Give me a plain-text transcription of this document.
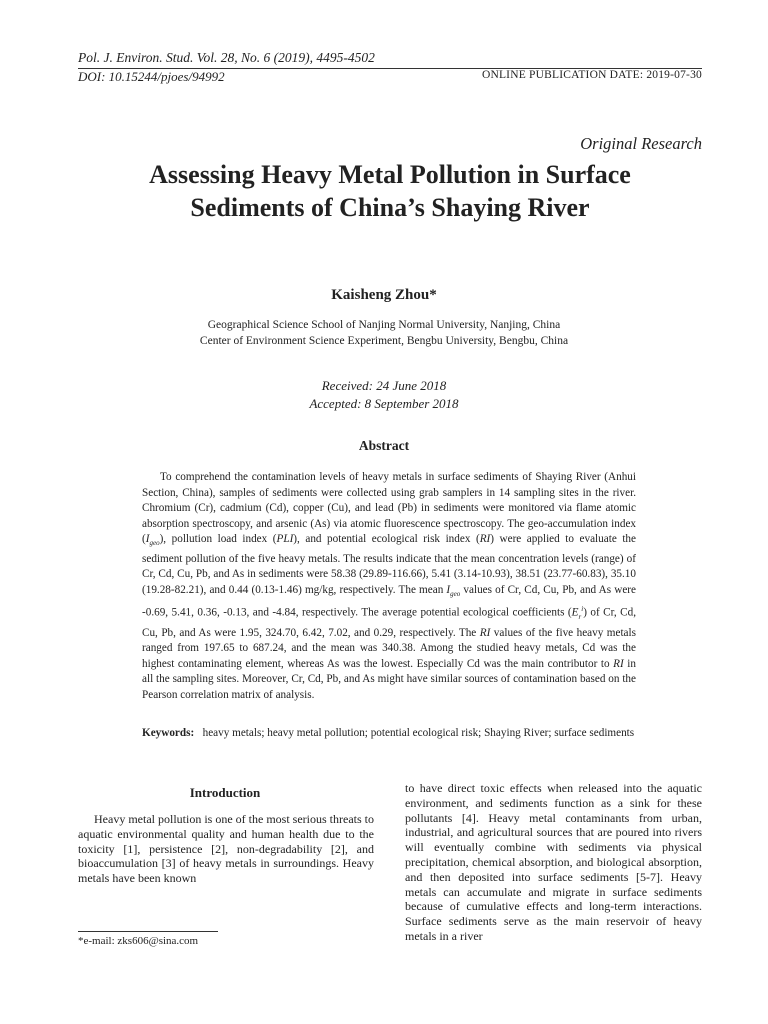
Pol. J. Environ. Stud. Vol. 28, No. 6 (2019), 4495-4502
DOI: 10.15244/pjoes/94992	ONLINE PUBLICATION DATE: 2019-07-30
Original Research
Assessing Heavy Metal Pollution in Surface
Sediments of China’s Shaying River
Kaisheng Zhou*
Geographical Science School of Nanjing Normal University, Nanjing, China
Center of Environment Science Experiment, Bengbu University, Bengbu, China
Received: 24 June 2018
Accepted: 8 September 2018
Abstract

To comprehend the contamination levels of heavy metals in surface sediments of Shaying River (Anhui Section, China), samples of sediments were collected using grab samplers in 14 sampling sites in the river. Chromium (Cr), cadmium (Cd), copper (Cu), and lead (Pb) in sediments were monitored via flame atomic absorption spectroscopy, and arsenic (As) via atomic fluorescence spectroscopy. The geo-accumulation index $(I_{geo})$, pollution load index (PLI), and potential ecological risk index (RI) were applied to evaluate the sediment pollution of the five heavy metals. The results indicate that the mean concentration levels (range) of Cr, Cd, Cu, Pb, and As in sediments were 58.38 (29.89-116.66), 5.41 (3.14-10.93), 38.51 (23.77-60.83), 35.10 (19.28-82.21), and 0.44 (0.13-1.46) mg/kg, respectively. The mean $I_{geo}$ values of Cr, Cd, Cu, Pb, and As were -0.69, 5.41, 0.36, -0.13, and -4.84, respectively. The average potential ecological coefficients $(E_r^i)$ of Cr, Cd, Cu, Pb, and As were 1.95, 324.70, 6.42, 7.02, and 0.29, respectively. The RI values of the five heavy metals ranged from 197.65 to 687.24, and the mean was 340.38. Among the studied heavy metals, Cd was the highest contaminating element, whereas As was the lowest. Especially Cd was the main contributor to RI in all the sampling sites. Moreover, Cr, Cd, Pb, and As might have similar sources of contamination based on the Pearson correlation matrix of analysis.

Keywords: heavy metals; heavy metal pollution; potential ecological risk; Shaying River; surface sediments
Introduction

Heavy metal pollution is one of the most serious threats to aquatic environmental quality and human health due to the toxicity [1], persistence [2], non-degradability [2], and bioaccumulation [3] of heavy metals in surroundings. Heavy metals have been known

to have direct toxic effects when released into the aquatic environment, and sediments function as a sink for these pollutants [4]. Heavy metal contaminants from urban, industrial, and agricultural sources that are poured into rivers will eventually combine with sediments via physical precipitation, chemical absorption, and biological absorption, and then deposited into surface sediments [5-7]. Heavy metals can accumulate and migrate in surface sediments because of cumulative effects and long-term interactions. Surface sediments serve as the main reservoir of heavy metals in a river

*e-mail: zks606@sina.com
